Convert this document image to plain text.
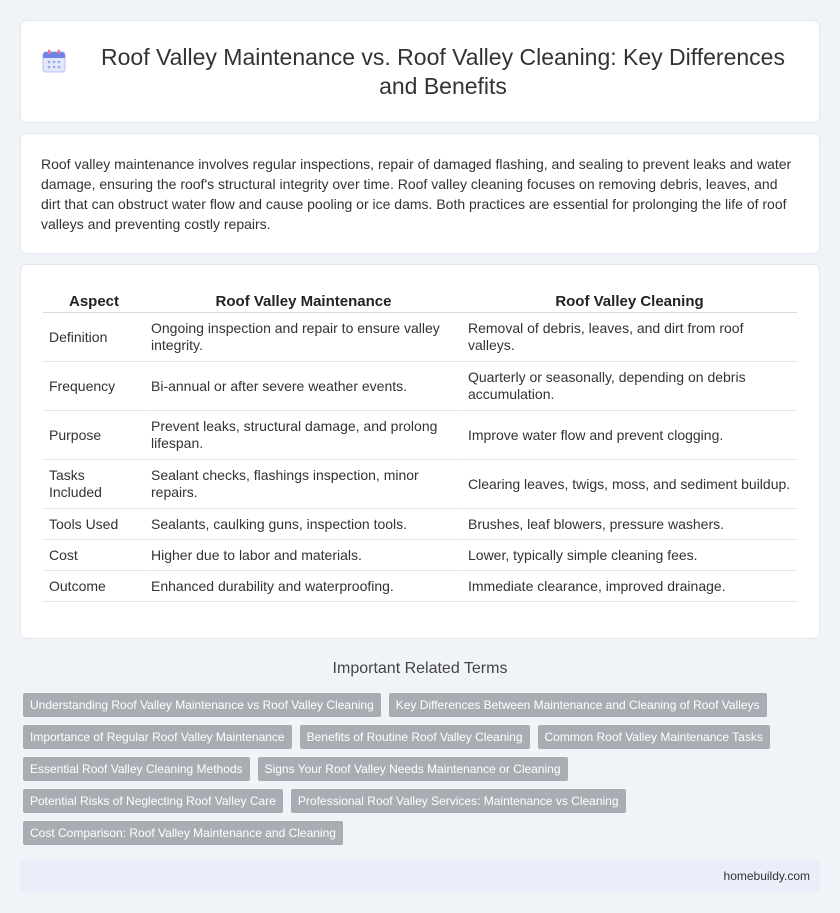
Roof Valley Maintenance vs. Roof Valley Cleaning: Key Differences and Benefits

Roof valley maintenance involves regular inspections, repair of damaged flashing, and sealing to prevent leaks and water damage, ensuring the roof's structural integrity over time. Roof valley cleaning focuses on removing debris, leaves, and dirt that can obstruct water flow and cause pooling or ice dams. Both practices are essential for prolonging the life of roof valleys and preventing costly repairs.

Aspect	Roof Valley Maintenance	Roof Valley Cleaning
Definition	Ongoing inspection and repair to ensure valley integrity.	Removal of debris, leaves, and dirt from roof valleys.
Frequency	Bi-annual or after severe weather events.	Quarterly or seasonally, depending on debris accumulation.
Purpose	Prevent leaks, structural damage, and prolong lifespan.	Improve water flow and prevent clogging.
Tasks Included	Sealant checks, flashings inspection, minor repairs.	Clearing leaves, twigs, moss, and sediment buildup.
Tools Used	Sealants, caulking guns, inspection tools.	Brushes, leaf blowers, pressure washers.
Cost	Higher due to labor and materials.	Lower, typically simple cleaning fees.
Outcome	Enhanced durability and waterproofing.	Immediate clearance, improved drainage.
Important Related Terms
Understanding Roof Valley Maintenance vs Roof Valley Cleaning	Key Differences Between Maintenance and Cleaning of Roof Valleys
Importance of Regular Roof Valley Maintenance	Benefits of Routine Roof Valley Cleaning	Common Roof Valley Maintenance Tasks
Essential Roof Valley Cleaning Methods	Signs Your Roof Valley Needs Maintenance or Cleaning
Potential Risks of Neglecting Roof Valley Care	Professional Roof Valley Services: Maintenance vs Cleaning
Cost Comparison: Roof Valley Maintenance and Cleaning
homebuildy.com
